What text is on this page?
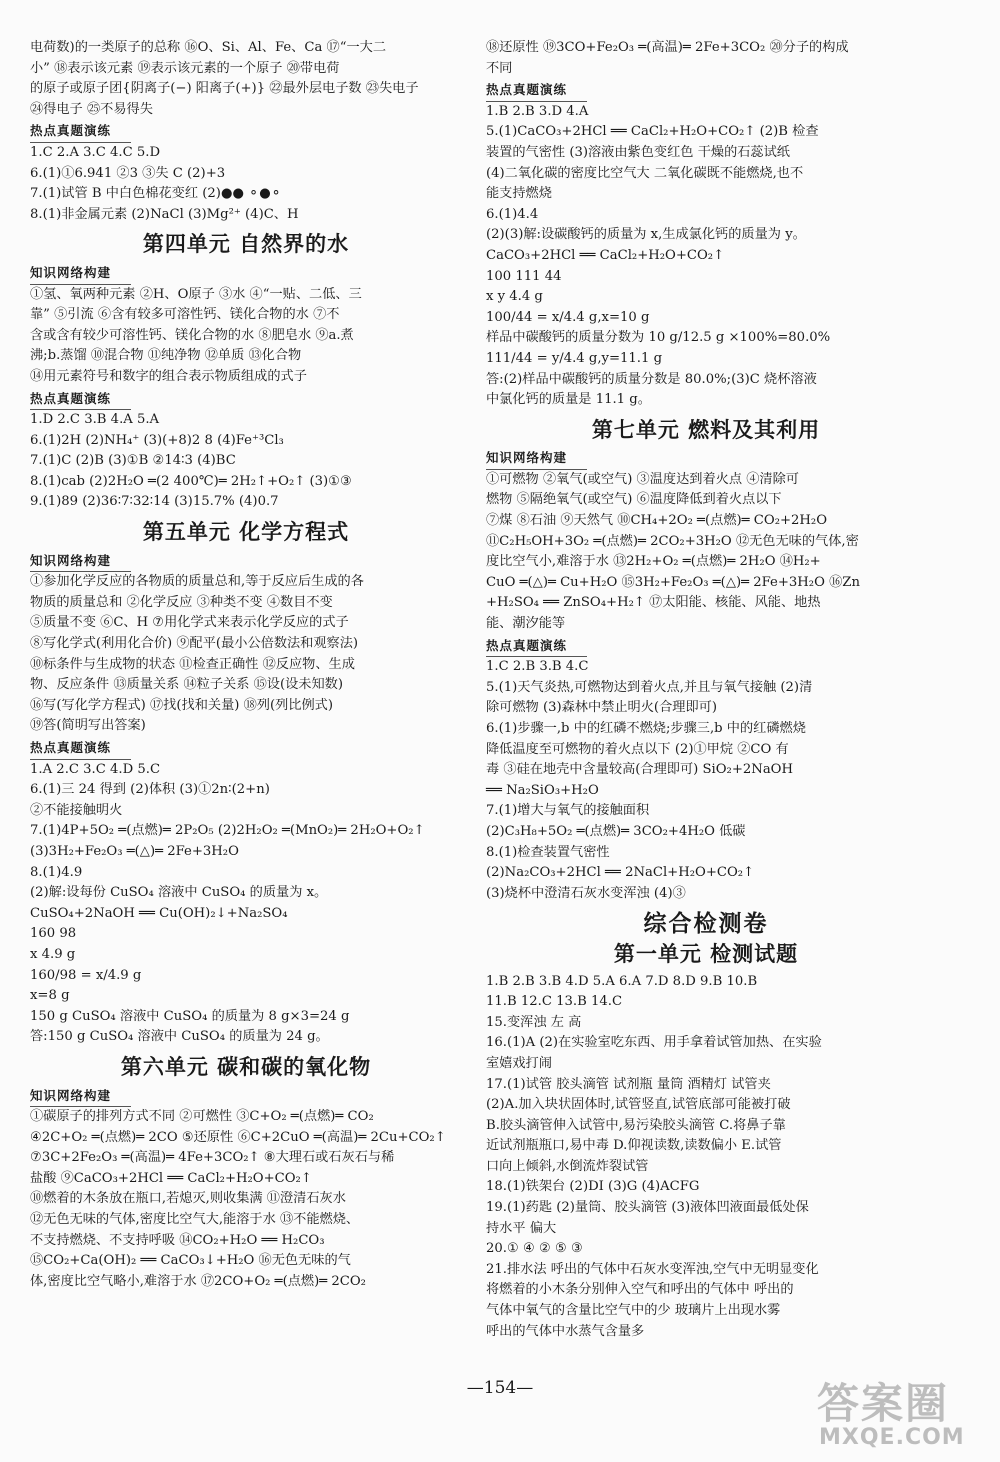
电荷数)的一类原子的总称 ⑯O、Si、Al、Fe、Ca ⑰“一大二
小” ⑱表示该元素 ⑲表示该元素的一个原子 ⑳带电荷
的原子或原子团{阴离子(−) 阳离子(+)} ㉒最外层电子数 ㉓失电子
㉔得电子 ㉕不易得失
热点真题演练
1.C 2.A 3.C 4.C 5.D
6.(1)①6.941 ②3 ③失 C (2)+3
7.(1)试管 B 中白色棉花变红 (2)●● ⚬●⚬
8.(1)非金属元素 (2)NaCl (3)Mg²⁺ (4)C、H
第四单元 自然界的水
知识网络构建
①氢、氧两种元素 ②H、O原子 ③水 ④“一贴、二低、三
靠” ⑤引流 ⑥含有较多可溶性钙、镁化合物的水 ⑦不
含或含有较少可溶性钙、镁化合物的水 ⑧肥皂水 ⑨a.煮
沸;b.蒸馏 ⑩混合物 ⑪纯净物 ⑫单质 ⑬化合物
⑭用元素符号和数字的组合表示物质组成的式子
热点真题演练
1.D 2.C 3.B 4.A 5.A
6.(1)2H (2)NH₄⁺ (3)(+8)2 8 (4)Fe⁺³Cl₃
7.(1)C (2)B (3)①B ②14∶3 (4)BC
8.(1)cab (2)2H₂O ═(2 400℃)═ 2H₂↑+O₂↑ (3)①③
9.(1)89 (2)36∶7∶32∶14 (3)15.7% (4)0.7
第五单元 化学方程式
知识网络构建
①参加化学反应的各物质的质量总和,等于反应后生成的各
物质的质量总和 ②化学反应 ③种类不变 ④数目不变
⑤质量不变 ⑥C、H ⑦用化学式来表示化学反应的式子
⑧写化学式(利用化合价) ⑨配平(最小公倍数法和观察法)
⑩标条件与生成物的状态 ⑪检查正确性 ⑫反应物、生成
物、反应条件 ⑬质量关系 ⑭粒子关系 ⑮设(设未知数)
⑯写(写化学方程式) ⑰找(找和关量) ⑱列(列比例式)
⑲答(简明写出答案)
热点真题演练
1.A 2.C 3.C 4.D 5.C
6.(1)三 24 得到 (2)体积 (3)①2n∶(2+n)
②不能接触明火
7.(1)4P+5O₂ ═(点燃)═ 2P₂O₅ (2)2H₂O₂ ═(MnO₂)═ 2H₂O+O₂↑
(3)3H₂+Fe₂O₃ ═(△)═ 2Fe+3H₂O
8.(1)4.9
(2)解:设每份 CuSO₄ 溶液中 CuSO₄ 的质量为 x。
CuSO₄+2NaOH ══ Cu(OH)₂↓+Na₂SO₄
160 98
x 4.9 g
160/98 = x/4.9 g
x=8 g
150 g CuSO₄ 溶液中 CuSO₄ 的质量为 8 g×3=24 g
答:150 g CuSO₄ 溶液中 CuSO₄ 的质量为 24 g。
第六单元 碳和碳的氧化物
知识网络构建
①碳原子的排列方式不同 ②可燃性 ③C+O₂ ═(点燃)═ CO₂
④2C+O₂ ═(点燃)═ 2CO ⑤还原性 ⑥C+2CuO ═(高温)═ 2Cu+CO₂↑
⑦3C+2Fe₂O₃ ═(高温)═ 4Fe+3CO₂↑ ⑧大理石或石灰石与稀
盐酸 ⑨CaCO₃+2HCl ══ CaCl₂+H₂O+CO₂↑
⑩燃着的木条放在瓶口,若熄灭,则收集满 ⑪澄清石灰水
⑫无色无味的气体,密度比空气大,能溶于水 ⑬不能燃烧、
不支持燃烧、不支持呼吸 ⑭CO₂+H₂O ══ H₂CO₃
⑮CO₂+Ca(OH)₂ ══ CaCO₃↓+H₂O ⑯无色无味的气
体,密度比空气略小,难溶于水 ⑰2CO+O₂ ═(点燃)═ 2CO₂
⑱还原性 ⑲3CO+Fe₂O₃ ═(高温)═ 2Fe+3CO₂ ⑳分子的构成
不同
热点真题演练
1.B 2.B 3.D 4.A
5.(1)CaCO₃+2HCl ══ CaCl₂+H₂O+CO₂↑ (2)B 检查
装置的气密性 (3)溶液由紫色变红色 干燥的石蕊试纸
(4)二氧化碳的密度比空气大 二氧化碳既不能燃烧,也不
能支持燃烧
6.(1)4.4
(2)(3)解:设碳酸钙的质量为 x,生成氯化钙的质量为 y。
CaCO₃+2HCl ══ CaCl₂+H₂O+CO₂↑
100 111 44
x y 4.4 g
100/44 = x/4.4 g,x=10 g
样品中碳酸钙的质量分数为 10 g/12.5 g ×100%=80.0%
111/44 = y/4.4 g,y=11.1 g
答:(2)样品中碳酸钙的质量分数是 80.0%;(3)C 烧杯溶液
中氯化钙的质量是 11.1 g。
第七单元 燃料及其利用
知识网络构建
①可燃物 ②氧气(或空气) ③温度达到着火点 ④清除可
燃物 ⑤隔绝氧气(或空气) ⑥温度降低到着火点以下
⑦煤 ⑧石油 ⑨天然气 ⑩CH₄+2O₂ ═(点燃)═ CO₂+2H₂O
⑪C₂H₅OH+3O₂ ═(点燃)═ 2CO₂+3H₂O ⑫无色无味的气体,密
度比空气小,难溶于水 ⑬2H₂+O₂ ═(点燃)═ 2H₂O ⑭H₂+
CuO ═(△)═ Cu+H₂O ⑮3H₂+Fe₂O₃ ═(△)═ 2Fe+3H₂O ⑯Zn
+H₂SO₄ ══ ZnSO₄+H₂↑ ⑰太阳能、核能、风能、地热
能、潮汐能等
热点真题演练
1.C 2.B 3.B 4.C
5.(1)天气炎热,可燃物达到着火点,并且与氧气接触 (2)清
除可燃物 (3)森林中禁止明火(合理即可)
6.(1)步骤一,b 中的红磷不燃烧;步骤三,b 中的红磷燃烧
降低温度至可燃物的着火点以下 (2)①甲烷 ②CO 有
毒 ③硅在地壳中含量较高(合理即可) SiO₂+2NaOH
══ Na₂SiO₃+H₂O
7.(1)增大与氧气的接触面积
(2)C₃H₈+5O₂ ═(点燃)═ 3CO₂+4H₂O 低碳
8.(1)检查装置气密性
(2)Na₂CO₃+2HCl ══ 2NaCl+H₂O+CO₂↑
(3)烧杯中澄清石灰水变浑浊 (4)③
综合检测卷
第一单元 检测试题
1.B 2.B 3.B 4.D 5.A 6.A 7.D 8.D 9.B 10.B
11.B 12.C 13.B 14.C
15.变浑浊 左 高
16.(1)A (2)在实验室吃东西、用手拿着试管加热、在实验
室嬉戏打闹
17.(1)试管 胶头滴管 试剂瓶 量筒 酒精灯 试管夹
(2)A.加入块状固体时,试管竖直,试管底部可能被打破
B.胶头滴管伸入试管中,易污染胶头滴管 C.将鼻子靠
近试剂瓶瓶口,易中毒 D.仰视读数,读数偏小 E.试管
口向上倾斜,水倒流炸裂试管
18.(1)铁架台 (2)DI (3)G (4)ACFG
19.(1)药匙 (2)量筒、胶头滴管 (3)液体凹液面最低处保
持水平 偏大
20.① ④ ② ⑤ ③
21.排水法 呼出的气体中石灰水变浑浊,空气中无明显变化
将燃着的小木条分别伸入空气和呼出的气体中 呼出的
气体中氧气的含量比空气中的少 玻璃片上出现水雾
呼出的气体中水蒸气含量多
—154—	答案圈
MXQE.COM
